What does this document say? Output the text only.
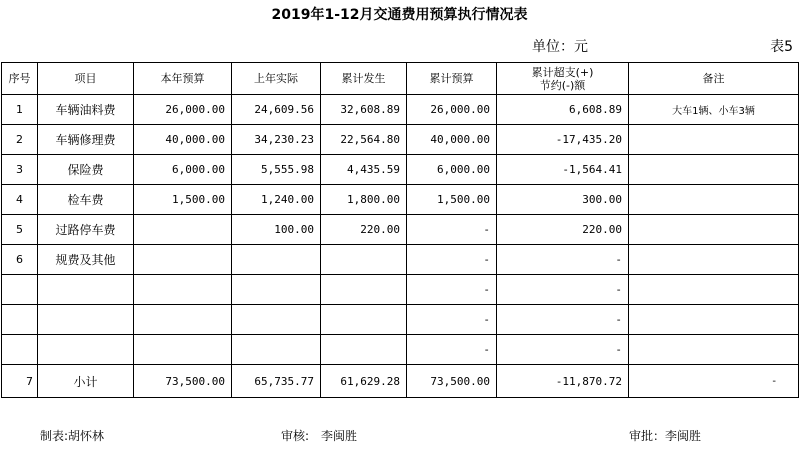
2019年1-12月交通费用预算执行情况表
单位：元	表5
序号	项目	本年预算	上年实际	累计发生	累计预算	累计超支(+)
节约(-)额	备注
1	车辆油料费	26,000.00	24,609.56	32,608.89	26,000.00	6,608.89	大车1辆、小车3辆
2	车辆修理费	40,000.00	34,230.23	22,564.80	40,000.00	-17,435.20	
3	保险费	6,000.00	5,555.98	4,435.59	6,000.00	-1,564.41	
4	检车费	1,500.00	1,240.00	1,800.00	1,500.00	300.00	
5	过路停车费		100.00	220.00	-	220.00	
6	规费及其他				-	-	
					-	-	
					-	-	
					-	-	
7	小计	73,500.00	65,735.77	61,629.28	73,500.00	-11,870.72	-
制表:胡怀林	审核:　李闽胜	审批：李闽胜
